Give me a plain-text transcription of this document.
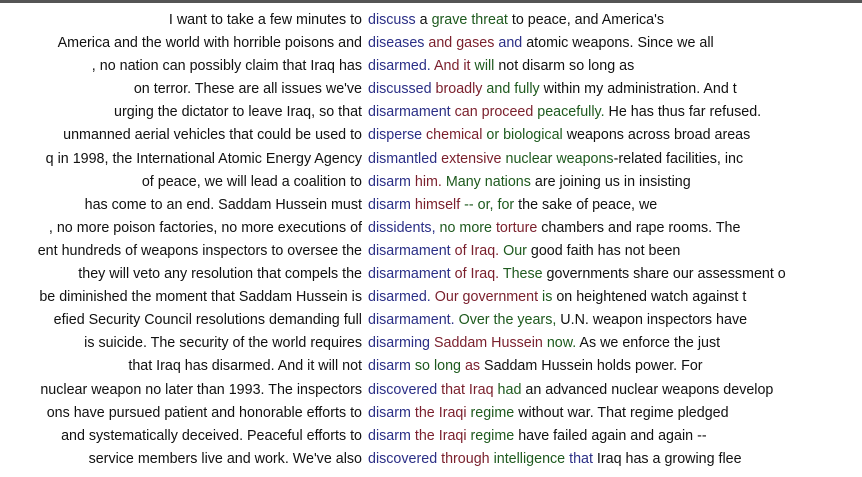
I want to take a few minutes to discuss a grave threat to peace, and America's
America and the world with horrible poisons and diseases and gases and atomic weapons. Since we all
, no nation can possibly claim that Iraq has disarmed. And it will not disarm so long as
on terror. These are all issues we've discussed broadly and fully within my administration. And t
urging the dictator to leave Iraq, so that disarmament can proceed peacefully. He has thus far refused.
unmanned aerial vehicles that could be used to disperse chemical or biological weapons across broad areas
q in 1998, the International Atomic Energy Agency dismantled extensive nuclear weapons-related facilities, inc
of peace, we will lead a coalition to disarm him. Many nations are joining us in insisting
has come to an end. Saddam Hussein must disarm himself -- or, for the sake of peace, we
, no more poison factories, no more executions of dissidents, no more torture chambers and rape rooms. The
ent hundreds of weapons inspectors to oversee the disarmament of Iraq. Our good faith has not been
they will veto any resolution that compels the disarmament of Iraq. These governments share our assessment o
be diminished the moment that Saddam Hussein is disarmed. Our government is on heightened watch against t
efied Security Council resolutions demanding full disarmament. Over the years, U.N. weapon inspectors have
is suicide. The security of the world requires disarming Saddam Hussein now. As we enforce the just
that Iraq has disarmed. And it will not disarm so long as Saddam Hussein holds power. For
nuclear weapon no later than 1993. The inspectors discovered that Iraq had an advanced nuclear weapons develop
ons have pursued patient and honorable efforts to disarm the Iraqi regime without war. That regime pledged
and systematically deceived. Peaceful efforts to disarm the Iraqi regime have failed again and again --
service members live and work. We've also discovered through intelligence that Iraq has a growing flee
